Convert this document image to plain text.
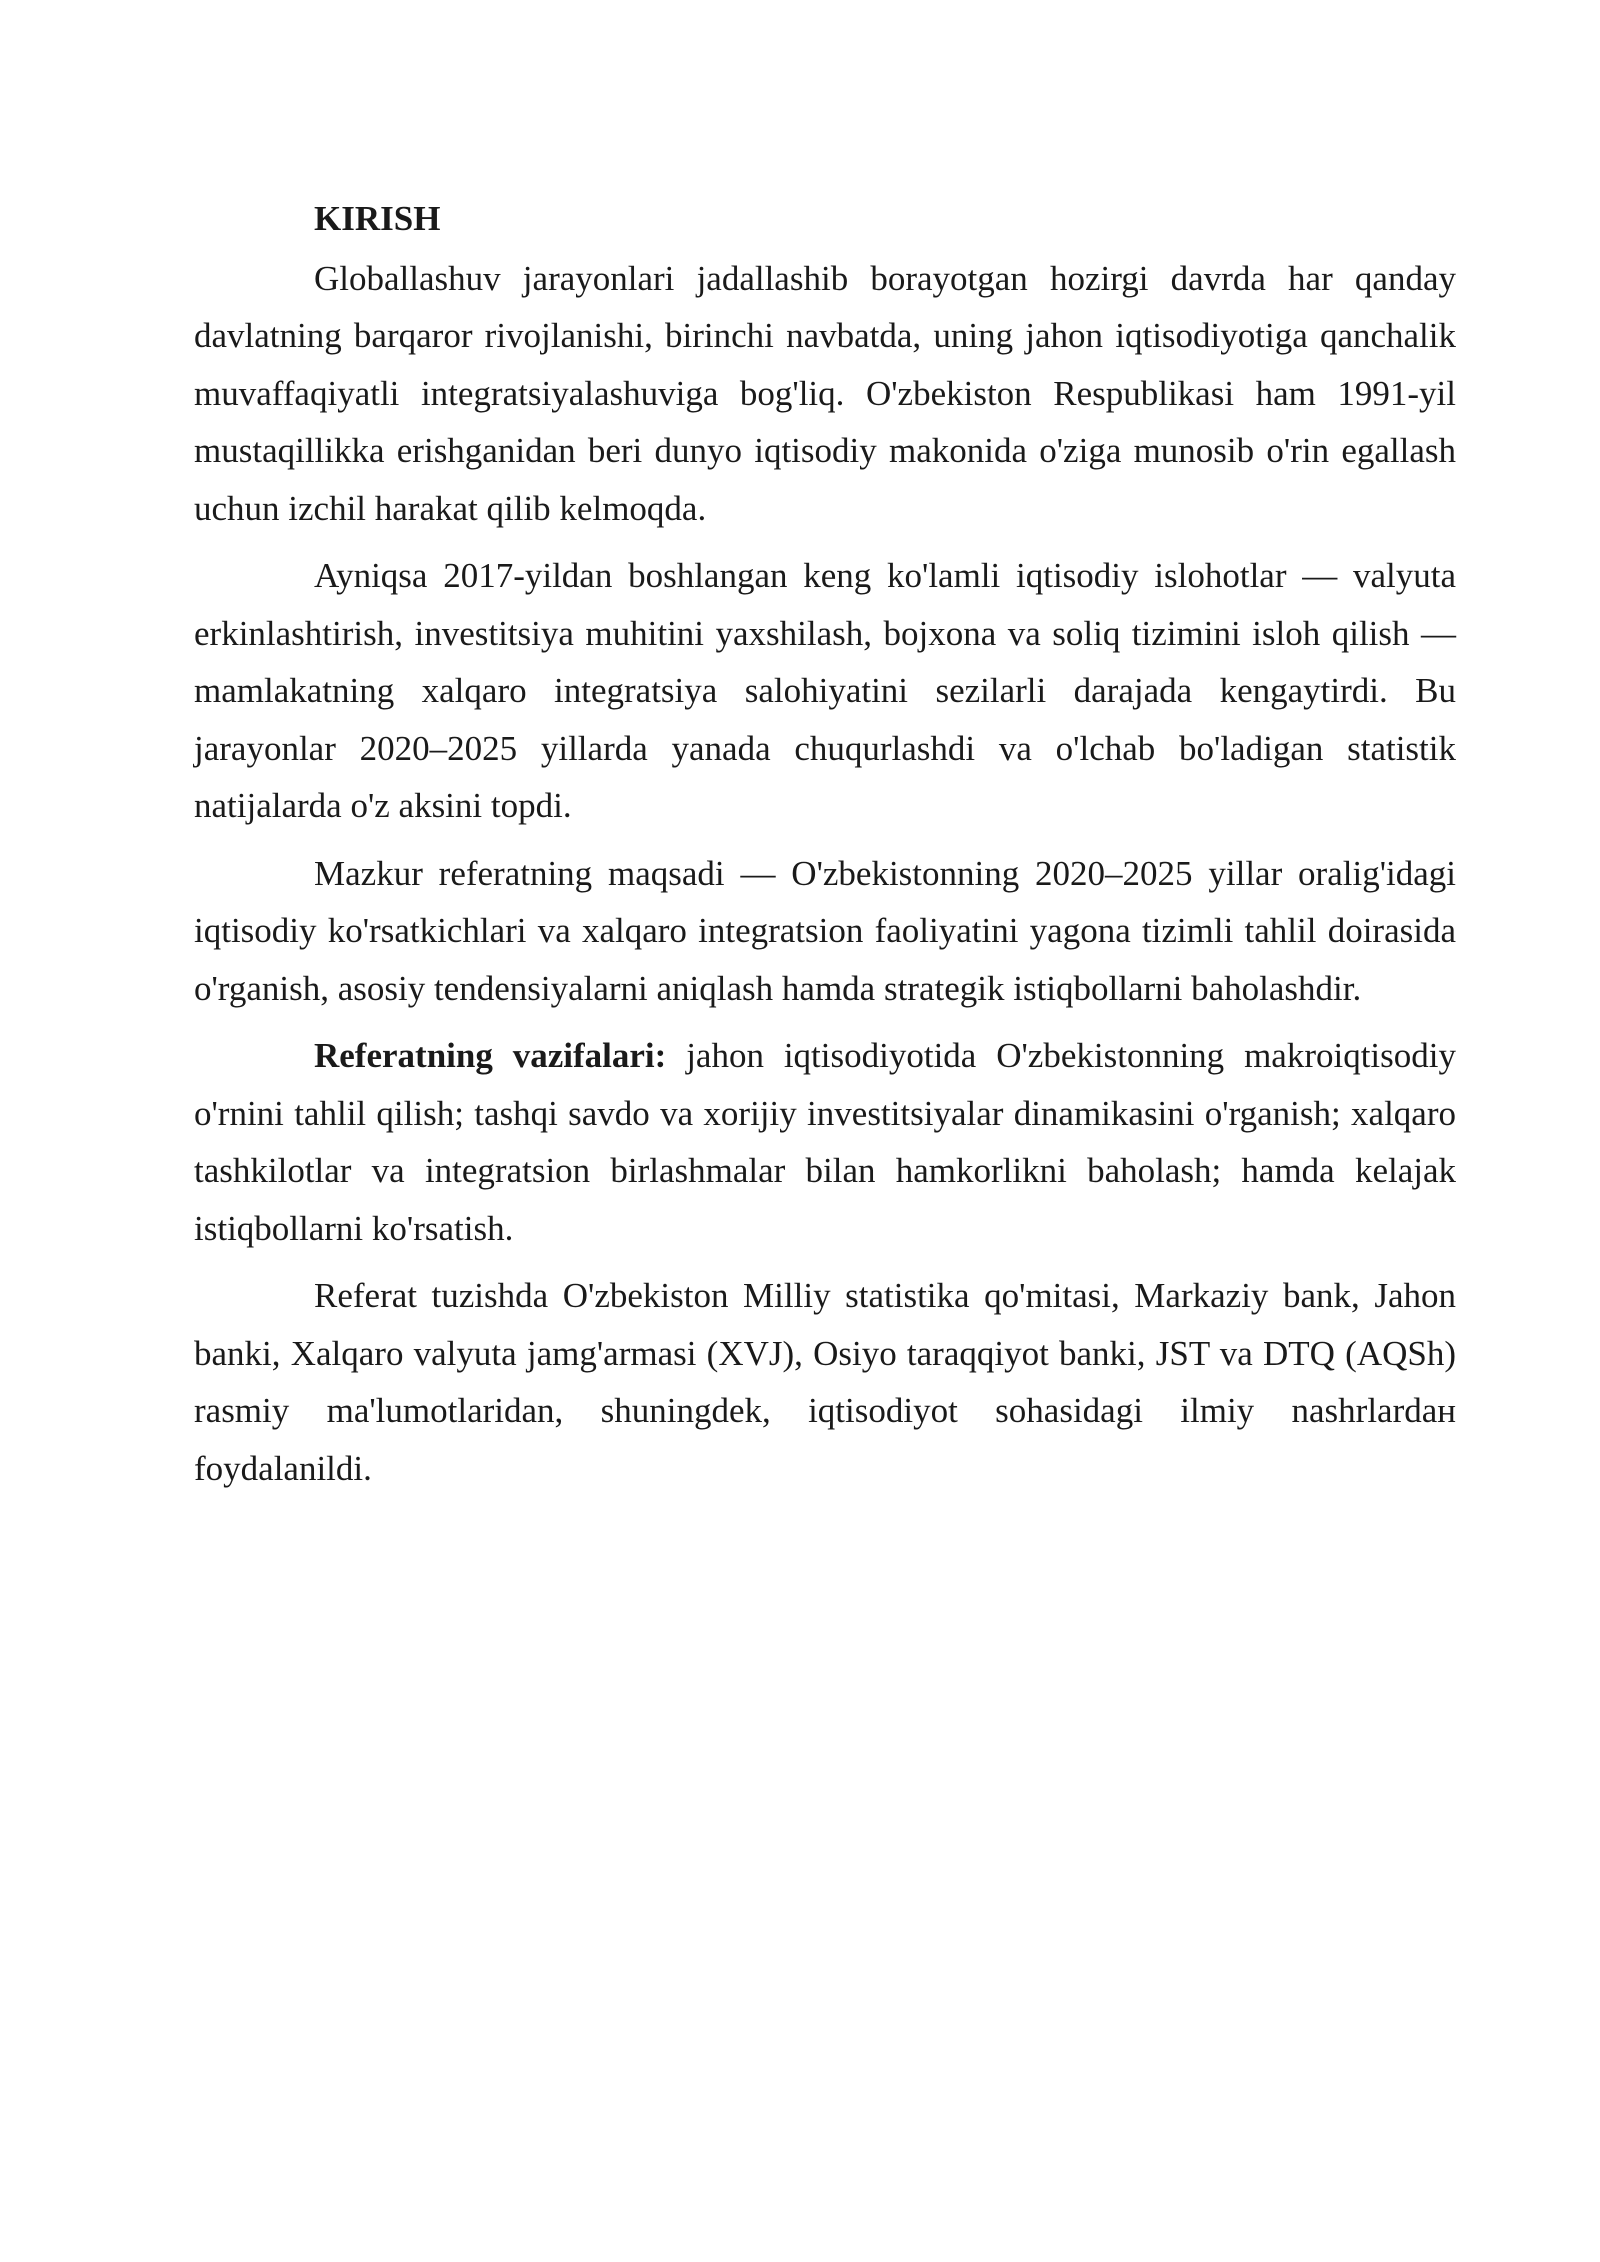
KIRISH

Globallashuv jarayonlari jadallashib borayotgan hozirgi davrda har qanday davlatning barqaror rivojlanishi, birinchi navbatda, uning jahon iqtisodiyotiga qanchalik muvaffaqiyatli integratsiyalashuviga bog'liq. O'zbekiston Respublikasi ham 1991-yil mustaqillikka erishganidan beri dunyo iqtisodiy makonida o'ziga munosib o'rin egallash uchun izchil harakat qilib kelmoqda.

Ayniqsa 2017-yildan boshlangan keng ko'lamli iqtisodiy islohotlar — valyuta erkinlashtirish, investitsiya muhitini yaxshilash, bojxona va soliq tizimini isloh qilish — mamlakatning xalqaro integratsiya salohiyatini sezilarli darajada kengaytirdi. Bu jarayonlar 2020–2025 yillarda yanada chuqurlashdi va o'lchab bo'ladigan statistik natijalarda o'z aksini topdi.

Mazkur referatning maqsadi — O'zbekistonning 2020–2025 yillar oralig'idagi iqtisodiy ko'rsatkichlari va xalqaro integratsion faoliyatini yagona tizimli tahlil doirasida o'rganish, asosiy tendensiyalarni aniqlash hamda strategik istiqbollarni baholashdir.

Referatning vazifalari: jahon iqtisodiyotida O'zbekistonning makroiqtisodiy o'rnini tahlil qilish; tashqi savdo va xorijiy investitsiyalar dinamikasini o'rganish; xalqaro tashkilotlar va integratsion birlashmalar bilan hamkorlikni baholash; hamda kelajak istiqbollarni ko'rsatish.

Referat tuzishda O'zbekiston Milliy statistika qo'mitasi, Markaziy bank, Jahon banki, Xalqaro valyuta jamg'armasi (XVJ), Osiyo taraqqiyot banki, JST va DTQ (AQSh) rasmiy ma'lumotlaridan, shuningdek, iqtisodiyot sohasidagi ilmiy nashrlardaн foydalanildi.
